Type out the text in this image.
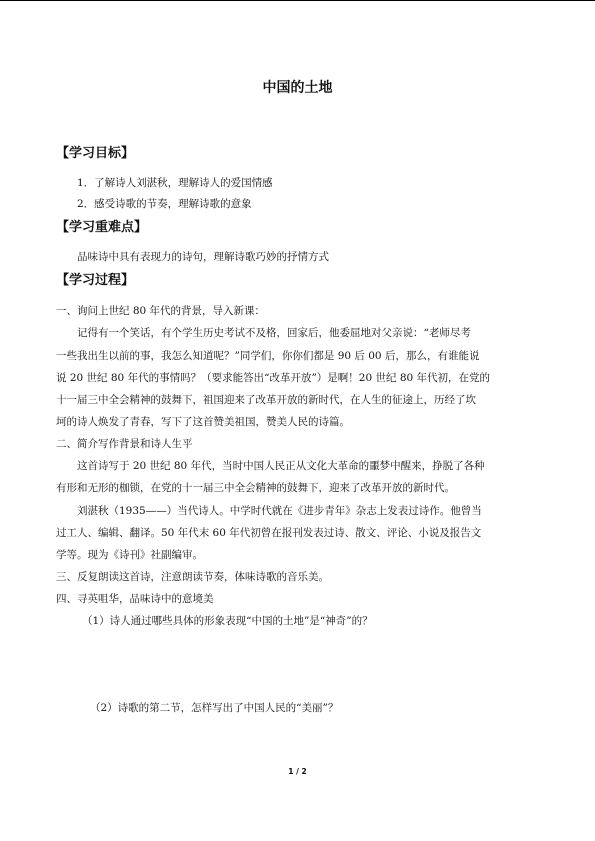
中国的土地
【学习目标】
1．了解诗人刘湛秋，理解诗人的爱国情感
2．感受诗歌的节奏，理解诗歌的意象
【学习重难点】
品味诗中具有表现力的诗句，理解诗歌巧妙的抒情方式
【学习过程】
一、询问上世纪 80 年代的背景，导入新课：
记得有一个笑话，有个学生历史考试不及格，回家后，他委屈地对父亲说：“老师尽考
一些我出生以前的事，我怎么知道呢？”同学们，你你们都是 90 后 00 后，那么，有谁能说
说 20 世纪 80 年代的事情吗？（要求能答出“改革开放”）是啊！20 世纪 80 年代初，在党的
十一届三中全会精神的鼓舞下，祖国迎来了改革开放的新时代，在人生的征途上，历经了坎
坷的诗人焕发了青春，写下了这首赞美祖国，赞美人民的诗篇。
二、简介写作背景和诗人生平
这首诗写于 20 世纪 80 年代，当时中国人民正从文化大革命的噩梦中醒来，挣脱了各种
有形和无形的枷锁，在党的十一届三中全会精神的鼓舞下，迎来了改革开放的新时代。
刘湛秋（1935——）当代诗人。中学时代就在《进步青年》杂志上发表过诗作。他曾当
过工人、编辑、翻译。50 年代末 60 年代初曾在报刊发表过诗、散文、评论、小说及报告文
学等。现为《诗刊》社副编审。
三、反复朗读这首诗，注意朗读节奏，体味诗歌的音乐美。
四、寻英咀华，品味诗中的意境美
（1）诗人通过哪些具体的形象表现“中国的土地”是“神奇”的？
（2）诗歌的第二节，怎样写出了中国人民的“美丽”？
1 / 2
